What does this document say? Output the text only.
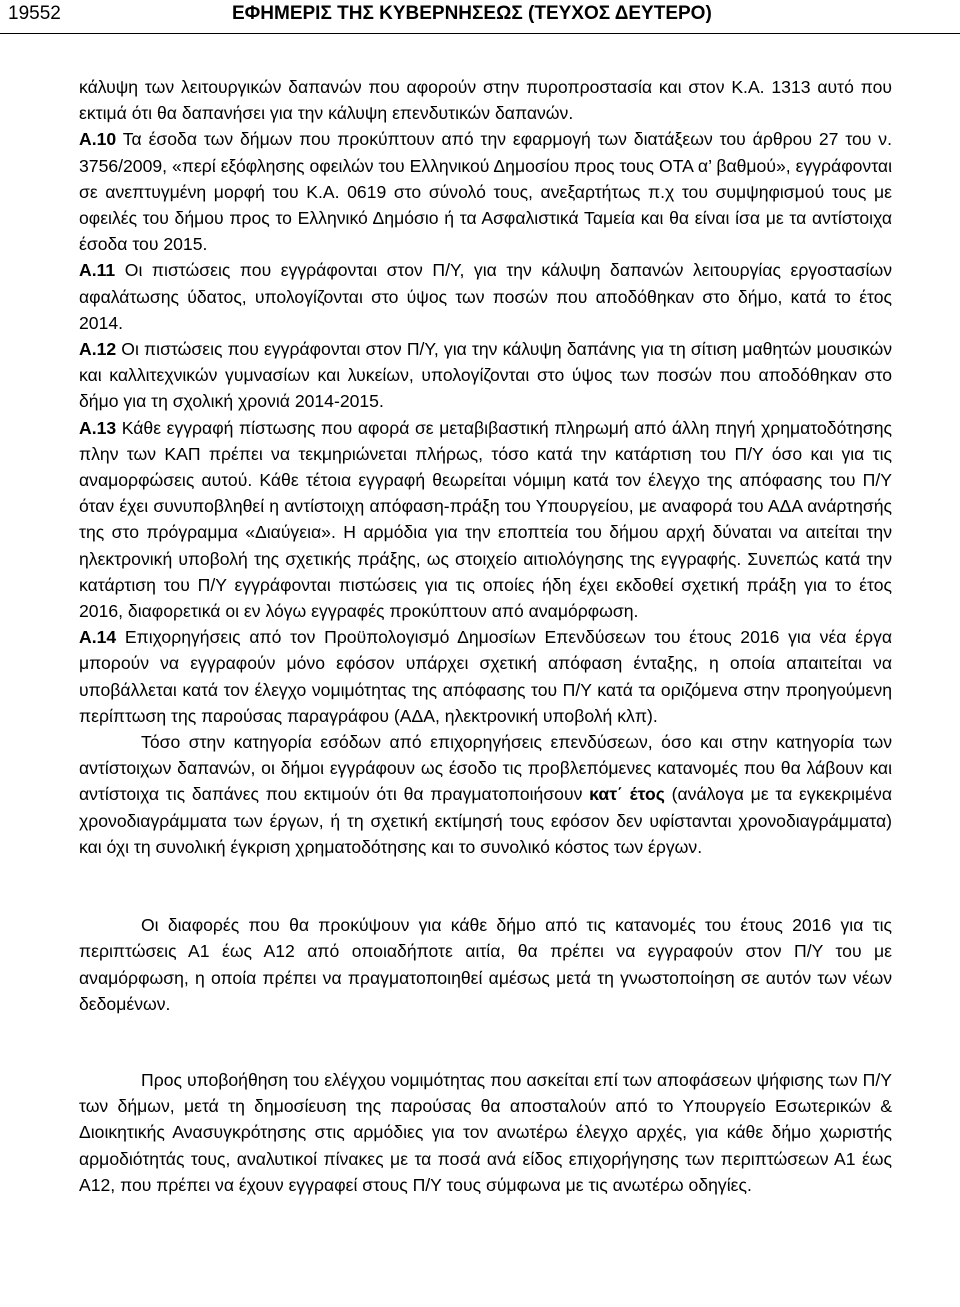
19552	ΕΦΗΜΕΡΙΣ ΤΗΣ ΚΥΒΕΡΝΗΣΕΩΣ (ΤΕΥΧΟΣ ΔΕΥΤΕΡΟ)

κάλυψη των λειτουργικών δαπανών που αφορούν στην πυροπροστασία και στον Κ.Α. 1313 αυτό που εκτιμά ότι θα δαπανήσει για την κάλυψη επενδυτικών δαπανών.

Α.10 Τα έσοδα των δήμων που προκύπτουν από την εφαρμογή των διατάξεων του άρθρου 27 του ν. 3756/2009, «περί εξόφλησης οφειλών του Ελληνικού Δημοσίου προς τους ΟΤΑ α’ βαθμού», εγγράφονται σε ανεπτυγμένη μορφή του Κ.Α. 0619 στο σύνολό τους, ανεξαρτήτως π.χ του συμψηφισμού τους με οφειλές του δήμου προς το Ελληνικό Δημόσιο ή τα Ασφαλιστικά Ταμεία και θα είναι ίσα με τα αντίστοιχα έσοδα του 2015.

Α.11 Οι πιστώσεις που εγγράφονται στον Π/Υ, για την κάλυψη δαπανών λειτουργίας εργοστασίων αφαλάτωσης ύδατος, υπολογίζονται στο ύψος των ποσών που αποδόθηκαν στο δήμο, κατά το έτος 2014.

Α.12 Οι πιστώσεις που εγγράφονται στον Π/Υ, για την κάλυψη δαπάνης για τη σίτιση μαθητών μουσικών και καλλιτεχνικών γυμνασίων και λυκείων, υπολογίζονται στο ύψος των ποσών που αποδόθηκαν στο δήμο για τη σχολική χρονιά 2014-2015.

Α.13 Κάθε εγγραφή πίστωσης που αφορά σε μεταβιβαστική πληρωμή από άλλη πηγή χρηματοδότησης πλην των ΚΑΠ πρέπει να τεκμηριώνεται πλήρως, τόσο κατά την κατάρτιση του Π/Υ όσο και για τις αναμορφώσεις αυτού. Κάθε τέτοια εγγραφή θεωρείται νόμιμη κατά τον έλεγχο της απόφασης του Π/Υ όταν έχει συνυποβληθεί η αντίστοιχη απόφαση-πράξη του Υπουργείου, με αναφορά του ΑΔΑ ανάρτησής της στο πρόγραμμα «Διαύγεια». Η αρμόδια για την εποπτεία του δήμου αρχή δύναται να αιτείται την ηλεκτρονική υποβολή της σχετικής πράξης, ως στοιχείο αιτιολόγησης της εγγραφής. Συνεπώς κατά την κατάρτιση του Π/Υ εγγράφονται πιστώσεις για τις οποίες ήδη έχει εκδοθεί σχετική πράξη για το έτος 2016, διαφορετικά οι εν λόγω εγγραφές προκύπτουν από αναμόρφωση.

Α.14 Επιχορηγήσεις από τον Προϋπολογισμό Δημοσίων Επενδύσεων του έτους 2016 για νέα έργα μπορούν να εγγραφούν μόνο εφόσον υπάρχει σχετική απόφαση ένταξης, η οποία απαιτείται να υποβάλλεται κατά τον έλεγχο νομιμότητας της απόφασης του Π/Υ κατά τα οριζόμενα στην προηγούμενη περίπτωση της παρούσας παραγράφου (ΑΔΑ, ηλεκτρονική υποβολή κλπ).

Τόσο στην κατηγορία εσόδων από επιχορηγήσεις επενδύσεων, όσο και στην κατηγορία των αντίστοιχων δαπανών, οι δήμοι εγγράφουν ως έσοδο τις προβλεπόμενες κατανομές που θα λάβουν και αντίστοιχα τις δαπάνες που εκτιμούν ότι θα πραγματοποιήσουν κατ΄ έτος (ανάλογα με τα εγκεκριμένα χρονοδιαγράμματα των έργων, ή τη σχετική εκτίμησή τους εφόσον δεν υφίστανται χρονοδιαγράμματα) και όχι τη συνολική έγκριση χρηματοδότησης και το συνολικό κόστος των έργων.

Οι διαφορές που θα προκύψουν για κάθε δήμο από τις κατανομές του έτους 2016 για τις περιπτώσεις Α1 έως Α12 από οποιαδήποτε αιτία, θα πρέπει να εγγραφούν στον Π/Υ του με αναμόρφωση, η οποία πρέπει να πραγματοποιηθεί αμέσως μετά τη γνωστοποίηση σε αυτόν των νέων δεδομένων.

Προς υποβοήθηση του ελέγχου νομιμότητας που ασκείται επί των αποφάσεων ψήφισης των Π/Υ των δήμων, μετά τη δημοσίευση της παρούσας θα αποσταλούν από το Υπουργείο Εσωτερικών & Διοικητικής Ανασυγκρότησης στις αρμόδιες για τον ανωτέρω έλεγχο αρχές, για κάθε δήμο χωριστής αρμοδιότητάς τους, αναλυτικοί πίνακες με τα ποσά ανά είδος επιχορήγησης των περιπτώσεων Α1 έως Α12, που πρέπει να έχουν εγγραφεί στους Π/Υ τους σύμφωνα με τις ανωτέρω οδηγίες.
